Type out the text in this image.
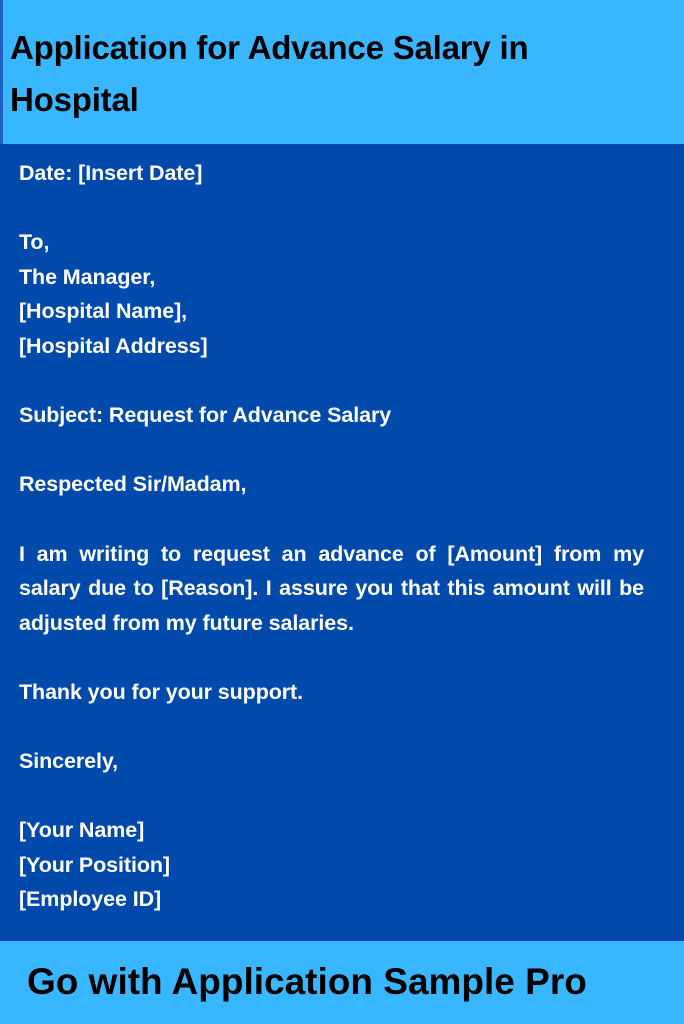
Application for Advance Salary in Hospital
Date: [Insert Date]
To,
The Manager,
[Hospital Name],
[Hospital Address]
Subject: Request for Advance Salary
Respected Sir/Madam,
I am writing to request an advance of [Amount] from my salary due to [Reason]. I assure you that this amount will be adjusted from my future salaries.
Thank you for your support.
Sincerely,
[Your Name]
[Your Position]
[Employee ID]

Go with Application Sample Pro
